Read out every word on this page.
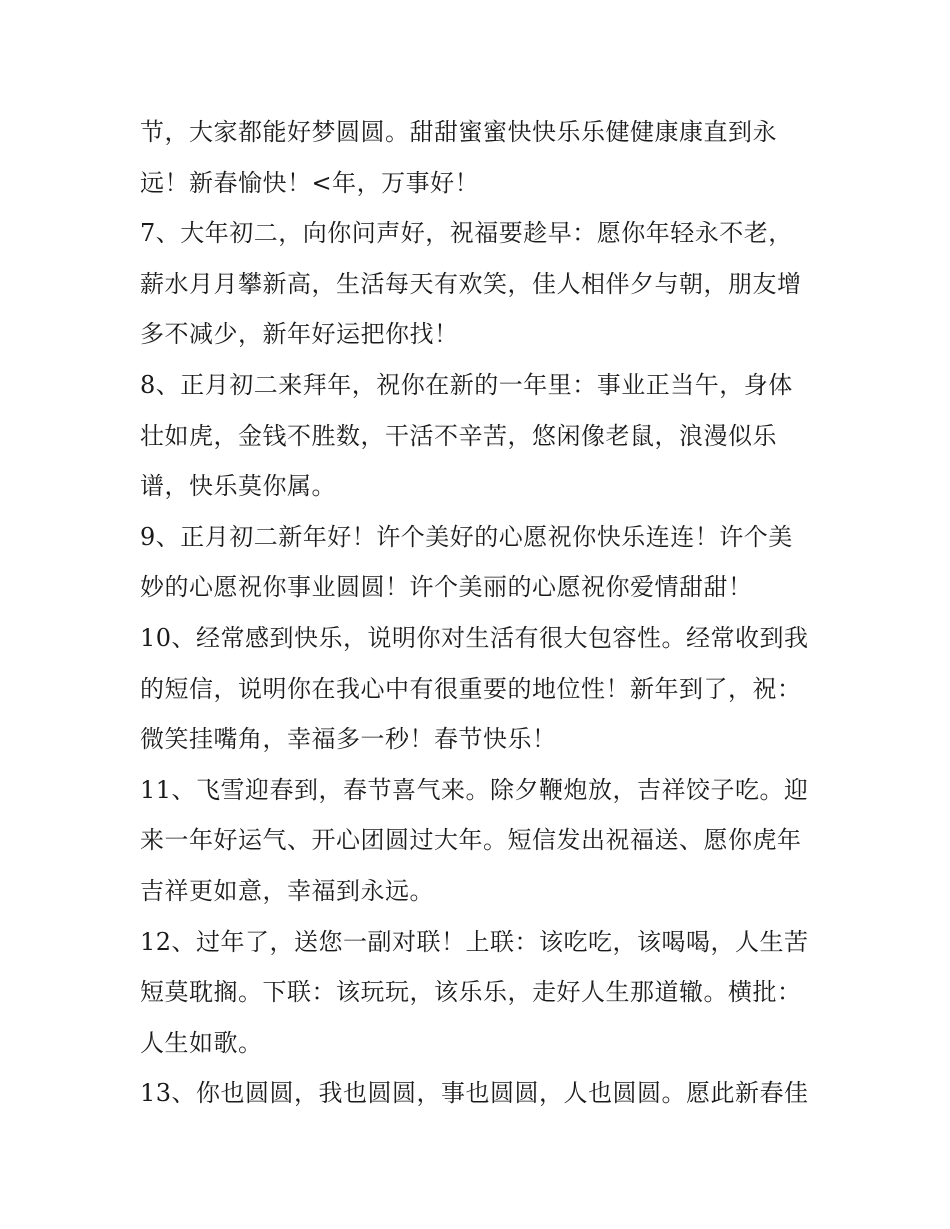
节，大家都能好梦圆圆。甜甜蜜蜜快快乐乐健健康康直到永
远！新春愉快！<年，万事好！
7、大年初二，向你问声好，祝福要趁早：愿你年轻永不老，
薪水月月攀新高，生活每天有欢笑，佳人相伴夕与朝，朋友增
多不减少，新年好运把你找！
8、正月初二来拜年，祝你在新的一年里：事业正当午，身体
壮如虎，金钱不胜数，干活不辛苦，悠闲像老鼠，浪漫似乐
谱，快乐莫你属。
9、正月初二新年好！许个美好的心愿祝你快乐连连！许个美
妙的心愿祝你事业圆圆！许个美丽的心愿祝你爱情甜甜！
10、经常感到快乐，说明你对生活有很大包容性。经常收到我
的短信，说明你在我心中有很重要的地位性！新年到了，祝：
微笑挂嘴角，幸福多一秒！春节快乐！
11、飞雪迎春到，春节喜气来。除夕鞭炮放，吉祥饺子吃。迎
来一年好运气、开心团圆过大年。短信发出祝福送、愿你虎年
吉祥更如意，幸福到永远。
12、过年了，送您一副对联！上联：该吃吃，该喝喝，人生苦
短莫耽搁。下联：该玩玩，该乐乐，走好人生那道辙。横批：
人生如歌。
13、你也圆圆，我也圆圆，事也圆圆，人也圆圆。愿此新春佳
